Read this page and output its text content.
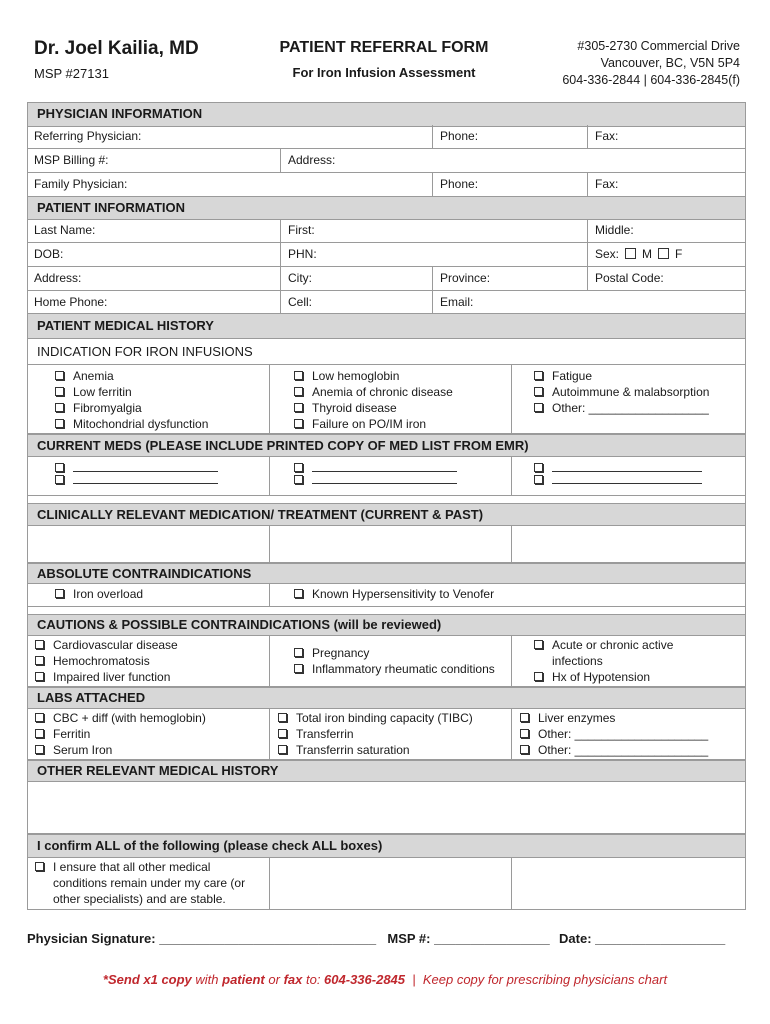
Dr. Joel Kailia, MD
MSP #27131
PATIENT REFERRAL FORM
For Iron Infusion Assessment
#305-2730 Commercial Drive
Vancouver, BC, V5N 5P4
604-336-2844 | 604-336-2845(f)
PHYSICIAN INFORMATION
Referring Physician:	Phone:	Fax:
MSP Billing #:	Address:
Family Physician:	Phone:	Fax:
PATIENT INFORMATION
Last Name:	First:	Middle:
DOB:	PHN:	Sex: M F
Address:	City:	Province:	Postal Code:
Home Phone:	Cell:	Email:
PATIENT MEDICAL HISTORY
INDICATION FOR IRON INFUSIONS
Anemia
Low ferritin
Fibromyalgia
Mitochondrial dysfunction
Low hemoglobin
Anemia of chronic disease
Thyroid disease
Failure on PO/IM iron
Fatigue
Autoimmune & malabsorption
Other: __________________
CURRENT MEDS (PLEASE INCLUDE PRINTED COPY OF MED LIST FROM EMR)
CLINICALLY RELEVANT MEDICATION/ TREATMENT (CURRENT & PAST)
ABSOLUTE CONTRAINDICATIONS
Iron overload	Known Hypersensitivity to Venofer
CAUTIONS & POSSIBLE CONTRAINDICATIONS (will be reviewed)
Cardiovascular disease
Hemochromatosis
Impaired liver function
Pregnancy
Inflammatory rheumatic conditions
Acute or chronic active
infections
Hx of Hypotension
LABS ATTACHED
CBC + diff (with hemoglobin)
Ferritin
Serum Iron
Total iron binding capacity (TIBC)
Transferrin
Transferrin saturation
Liver enzymes
Other: ____________________
Other: ____________________
OTHER RELEVANT MEDICAL HISTORY
I confirm ALL of the following (please check ALL boxes)
I ensure that all other medical
conditions remain under my care (or
other specialists) and are stable.
Physician Signature: ______________________________ MSP #: ________________ Date: __________________
*Send x1 copy with patient or fax to: 604-336-2845  |  Keep copy for prescribing physicians chart
